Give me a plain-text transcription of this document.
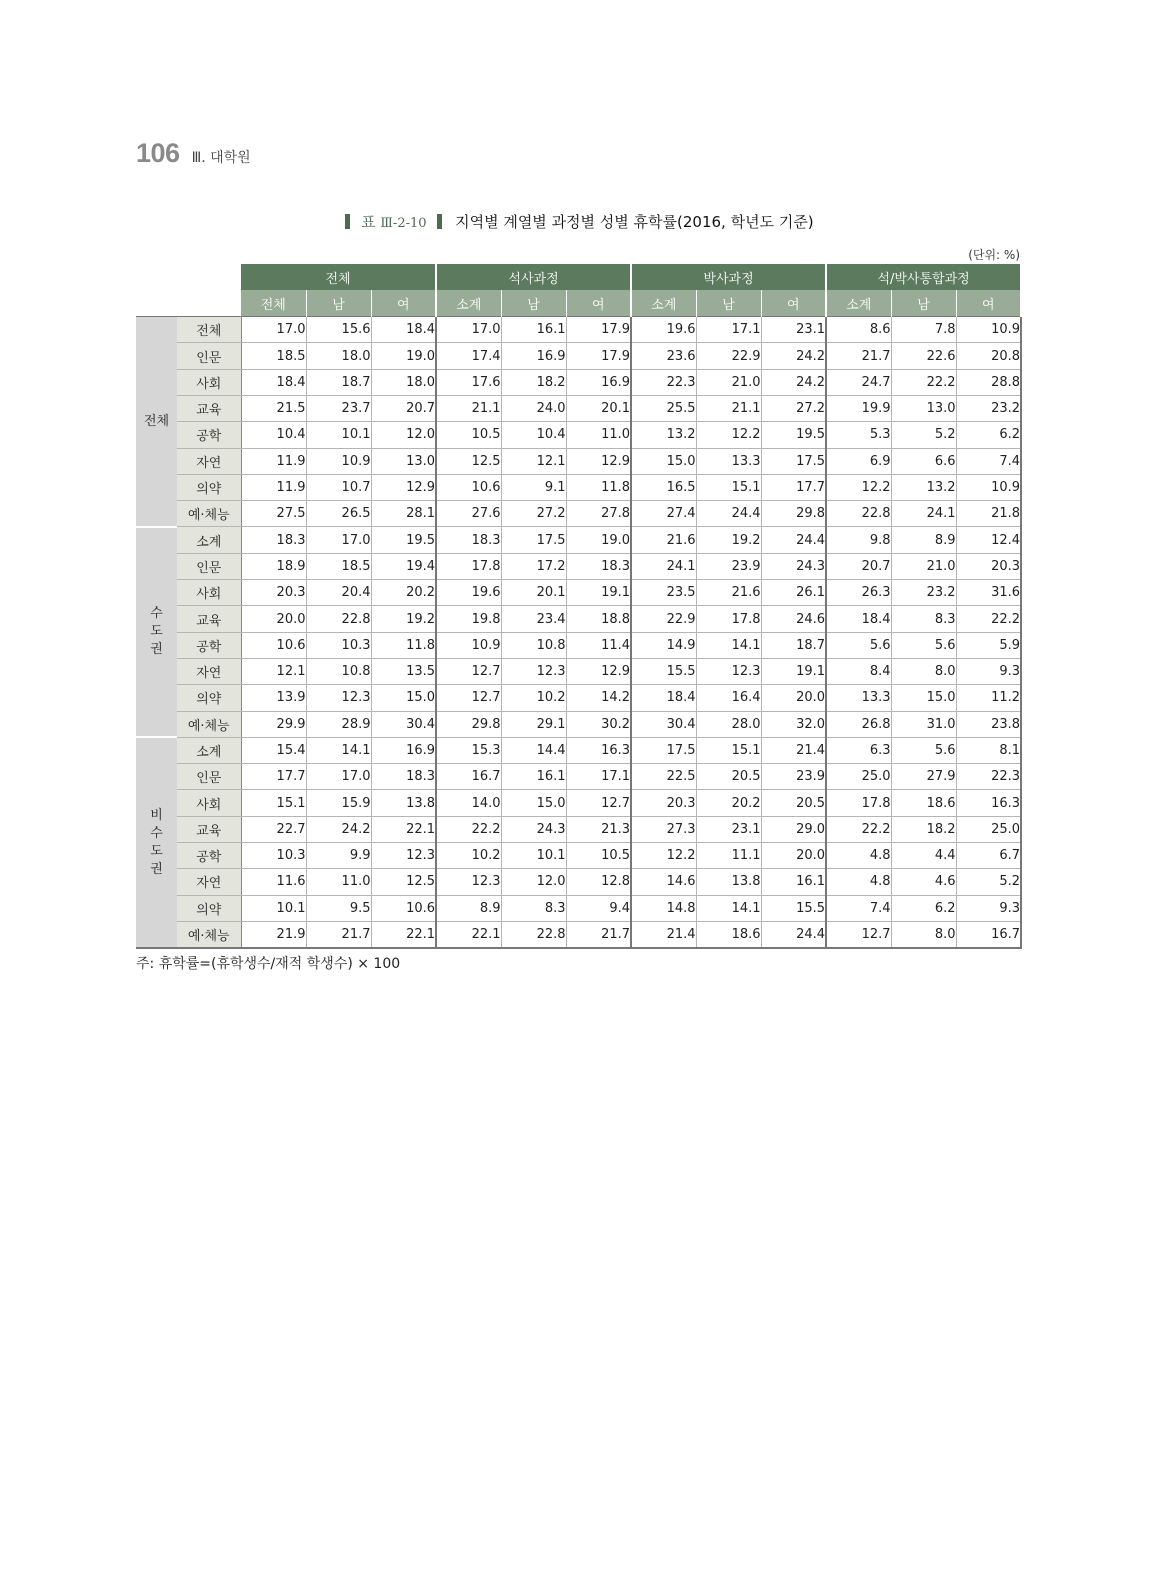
106 Ⅲ. 대학원
표 Ⅲ-2-10 지역별 계열별 과정별 성별 휴학률(2016, 학년도 기준)
(단위: %)
		전체			석사과정			박사과정			석/박사통합과정		
		전체	남	여	소계	남	여	소계	남	여	소계	남	여
전체	전체	17.0	15.6	18.4	17.0	16.1	17.9	19.6	17.1	23.1	8.6	7.8	10.9
	인문	18.5	18.0	19.0	17.4	16.9	17.9	23.6	22.9	24.2	21.7	22.6	20.8
	사회	18.4	18.7	18.0	17.6	18.2	16.9	22.3	21.0	24.2	24.7	22.2	28.8
	교육	21.5	23.7	20.7	21.1	24.0	20.1	25.5	21.1	27.2	19.9	13.0	23.2
	공학	10.4	10.1	12.0	10.5	10.4	11.0	13.2	12.2	19.5	5.3	5.2	6.2
	자연	11.9	10.9	13.0	12.5	12.1	12.9	15.0	13.3	17.5	6.9	6.6	7.4
	의약	11.9	10.7	12.9	10.6	9.1	11.8	16.5	15.1	17.7	12.2	13.2	10.9
	예·체능	27.5	26.5	28.1	27.6	27.2	27.8	27.4	24.4	29.8	22.8	24.1	21.8

수
도
권	소계	18.3	17.0	19.5	18.3	17.5	19.0	21.6	19.2	24.4	9.8	8.9	12.4
	인문	18.9	18.5	19.4	17.8	17.2	18.3	24.1	23.9	24.3	20.7	21.0	20.3
	사회	20.3	20.4	20.2	19.6	20.1	19.1	23.5	21.6	26.1	26.3	23.2	31.6
	교육	20.0	22.8	19.2	19.8	23.4	18.8	22.9	17.8	24.6	18.4	8.3	22.2
	공학	10.6	10.3	11.8	10.9	10.8	11.4	14.9	14.1	18.7	5.6	5.6	5.9
	자연	12.1	10.8	13.5	12.7	12.3	12.9	15.5	12.3	19.1	8.4	8.0	9.3
	의약	13.9	12.3	15.0	12.7	10.2	14.2	18.4	16.4	20.0	13.3	15.0	11.2
	예·체능	29.9	28.9	30.4	29.8	29.1	30.2	30.4	28.0	32.0	26.8	31.0	23.8

비
수
도
권	소계	15.4	14.1	16.9	15.3	14.4	16.3	17.5	15.1	21.4	6.3	5.6	8.1
	인문	17.7	17.0	18.3	16.7	16.1	17.1	22.5	20.5	23.9	25.0	27.9	22.3
	사회	15.1	15.9	13.8	14.0	15.0	12.7	20.3	20.2	20.5	17.8	18.6	16.3
	교육	22.7	24.2	22.1	22.2	24.3	21.3	27.3	23.1	29.0	22.2	18.2	25.0
	공학	10.3	9.9	12.3	10.2	10.1	10.5	12.2	11.1	20.0	4.8	4.4	6.7
	자연	11.6	11.0	12.5	12.3	12.0	12.8	14.6	13.8	16.1	4.8	4.6	5.2
	의약	10.1	9.5	10.6	8.9	8.3	9.4	14.8	14.1	15.5	7.4	6.2	9.3
	예·체능	21.9	21.7	22.1	22.1	22.8	21.7	21.4	18.6	24.4	12.7	8.0	16.7
주: 휴학률=(휴학생수/재적 학생수) × 100
